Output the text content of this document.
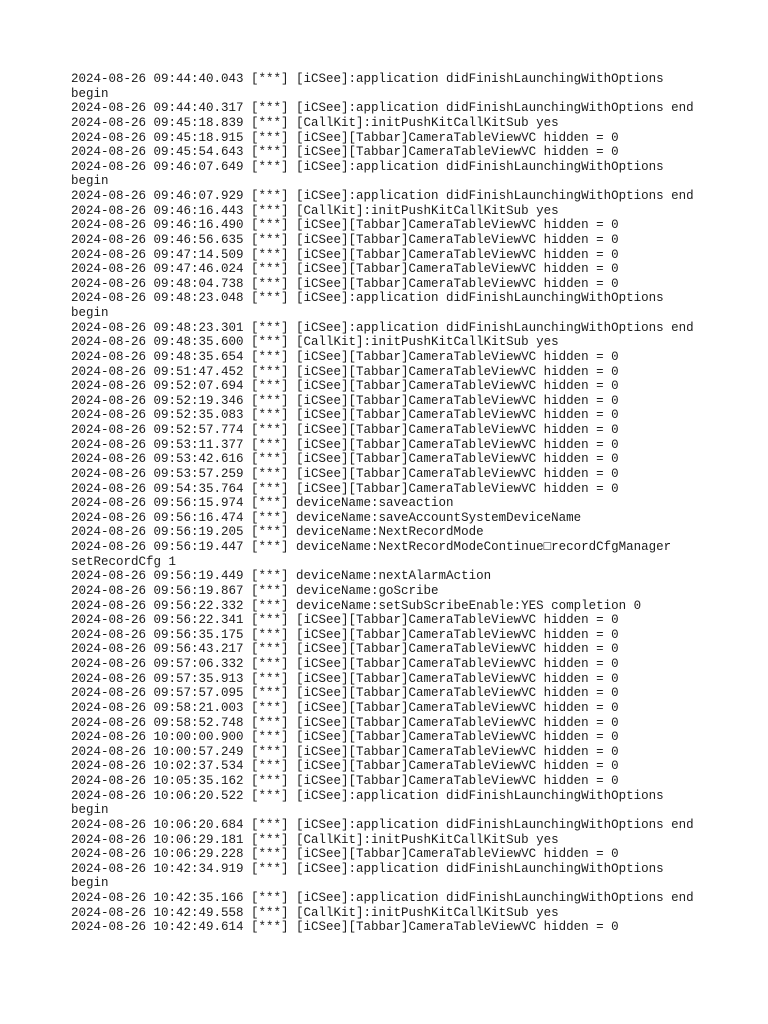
2024-08-26 09:44:40.043 [***] [iCSee]:application didFinishLaunchingWithOptions
begin
2024-08-26 09:44:40.317 [***] [iCSee]:application didFinishLaunchingWithOptions end
2024-08-26 09:45:18.839 [***] [CallKit]:initPushKitCallKitSub yes
2024-08-26 09:45:18.915 [***] [iCSee][Tabbar]CameraTableViewVC hidden = 0
2024-08-26 09:45:54.643 [***] [iCSee][Tabbar]CameraTableViewVC hidden = 0
2024-08-26 09:46:07.649 [***] [iCSee]:application didFinishLaunchingWithOptions
begin
2024-08-26 09:46:07.929 [***] [iCSee]:application didFinishLaunchingWithOptions end
2024-08-26 09:46:16.443 [***] [CallKit]:initPushKitCallKitSub yes
2024-08-26 09:46:16.490 [***] [iCSee][Tabbar]CameraTableViewVC hidden = 0
2024-08-26 09:46:56.635 [***] [iCSee][Tabbar]CameraTableViewVC hidden = 0
2024-08-26 09:47:14.509 [***] [iCSee][Tabbar]CameraTableViewVC hidden = 0
2024-08-26 09:47:46.024 [***] [iCSee][Tabbar]CameraTableViewVC hidden = 0
2024-08-26 09:48:04.738 [***] [iCSee][Tabbar]CameraTableViewVC hidden = 0
2024-08-26 09:48:23.048 [***] [iCSee]:application didFinishLaunchingWithOptions
begin
2024-08-26 09:48:23.301 [***] [iCSee]:application didFinishLaunchingWithOptions end
2024-08-26 09:48:35.600 [***] [CallKit]:initPushKitCallKitSub yes
2024-08-26 09:48:35.654 [***] [iCSee][Tabbar]CameraTableViewVC hidden = 0
2024-08-26 09:51:47.452 [***] [iCSee][Tabbar]CameraTableViewVC hidden = 0
2024-08-26 09:52:07.694 [***] [iCSee][Tabbar]CameraTableViewVC hidden = 0
2024-08-26 09:52:19.346 [***] [iCSee][Tabbar]CameraTableViewVC hidden = 0
2024-08-26 09:52:35.083 [***] [iCSee][Tabbar]CameraTableViewVC hidden = 0
2024-08-26 09:52:57.774 [***] [iCSee][Tabbar]CameraTableViewVC hidden = 0
2024-08-26 09:53:11.377 [***] [iCSee][Tabbar]CameraTableViewVC hidden = 0
2024-08-26 09:53:42.616 [***] [iCSee][Tabbar]CameraTableViewVC hidden = 0
2024-08-26 09:53:57.259 [***] [iCSee][Tabbar]CameraTableViewVC hidden = 0
2024-08-26 09:54:35.764 [***] [iCSee][Tabbar]CameraTableViewVC hidden = 0
2024-08-26 09:56:15.974 [***] deviceName:saveaction
2024-08-26 09:56:16.474 [***] deviceName:saveAccountSystemDeviceName
2024-08-26 09:56:19.205 [***] deviceName:NextRecordMode
2024-08-26 09:56:19.447 [***] deviceName:NextRecordModeContinue□recordCfgManager
setRecordCfg 1
2024-08-26 09:56:19.449 [***] deviceName:nextAlarmAction
2024-08-26 09:56:19.867 [***] deviceName:goScribe
2024-08-26 09:56:22.332 [***] deviceName:setSubScribeEnable:YES completion 0
2024-08-26 09:56:22.341 [***] [iCSee][Tabbar]CameraTableViewVC hidden = 0
2024-08-26 09:56:35.175 [***] [iCSee][Tabbar]CameraTableViewVC hidden = 0
2024-08-26 09:56:43.217 [***] [iCSee][Tabbar]CameraTableViewVC hidden = 0
2024-08-26 09:57:06.332 [***] [iCSee][Tabbar]CameraTableViewVC hidden = 0
2024-08-26 09:57:35.913 [***] [iCSee][Tabbar]CameraTableViewVC hidden = 0
2024-08-26 09:57:57.095 [***] [iCSee][Tabbar]CameraTableViewVC hidden = 0
2024-08-26 09:58:21.003 [***] [iCSee][Tabbar]CameraTableViewVC hidden = 0
2024-08-26 09:58:52.748 [***] [iCSee][Tabbar]CameraTableViewVC hidden = 0
2024-08-26 10:00:00.900 [***] [iCSee][Tabbar]CameraTableViewVC hidden = 0
2024-08-26 10:00:57.249 [***] [iCSee][Tabbar]CameraTableViewVC hidden = 0
2024-08-26 10:02:37.534 [***] [iCSee][Tabbar]CameraTableViewVC hidden = 0
2024-08-26 10:05:35.162 [***] [iCSee][Tabbar]CameraTableViewVC hidden = 0
2024-08-26 10:06:20.522 [***] [iCSee]:application didFinishLaunchingWithOptions
begin
2024-08-26 10:06:20.684 [***] [iCSee]:application didFinishLaunchingWithOptions end
2024-08-26 10:06:29.181 [***] [CallKit]:initPushKitCallKitSub yes
2024-08-26 10:06:29.228 [***] [iCSee][Tabbar]CameraTableViewVC hidden = 0
2024-08-26 10:42:34.919 [***] [iCSee]:application didFinishLaunchingWithOptions
begin
2024-08-26 10:42:35.166 [***] [iCSee]:application didFinishLaunchingWithOptions end
2024-08-26 10:42:49.558 [***] [CallKit]:initPushKitCallKitSub yes
2024-08-26 10:42:49.614 [***] [iCSee][Tabbar]CameraTableViewVC hidden = 0
